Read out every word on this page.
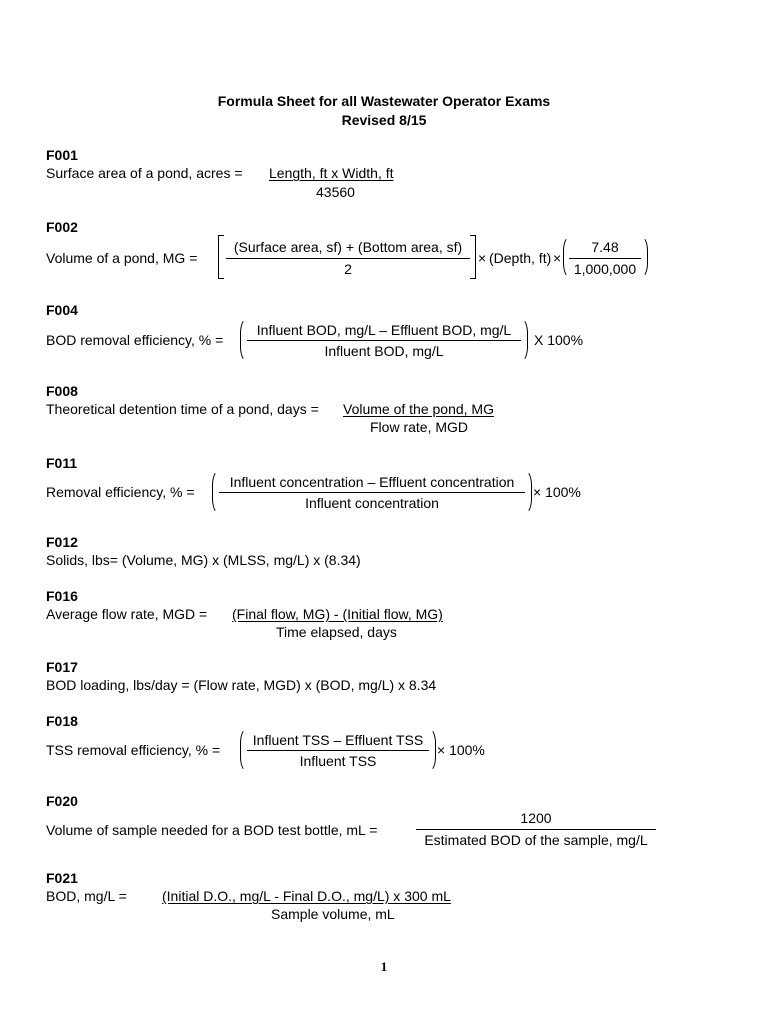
Formula Sheet for all Wastewater Operator Exams
Revised 8/15
F001
Surface area of a pond, acres = Length, ft x Width, ft
43560
F002
Volume of a pond, MG =
(Surface area, sf) + (Bottom area, sf)
2
× (Depth, ft) ×
7.48
1,000,000
F004
BOD removal efficiency, % =
Influent BOD, mg/L – Effluent BOD, mg/L
Influent BOD, mg/L
X 100%
F008
Theoretical detention time of a pond, days = Volume of the pond, MG
Flow rate, MGD
F011
Removal efficiency, % =
Influent concentration – Effluent concentration
Influent concentration
× 100%
F012
Solids, lbs= (Volume, MG) x (MLSS, mg/L) x (8.34)
F016
Average flow rate, MGD = (Final flow, MG) - (Initial flow, MG)
Time elapsed, days
F017
BOD loading, lbs/day = (Flow rate, MGD) x (BOD, mg/L) x 8.34
F018
TSS removal efficiency, % =
Influent TSS – Effluent TSS
Influent TSS
× 100%
F020
Volume of sample needed for a BOD test bottle, mL =
1200
Estimated BOD of the sample, mg/L
F021
BOD, mg/L =	(Initial D.O., mg/L - Final D.O., mg/L) x 300 mL
Sample volume, mL
1
